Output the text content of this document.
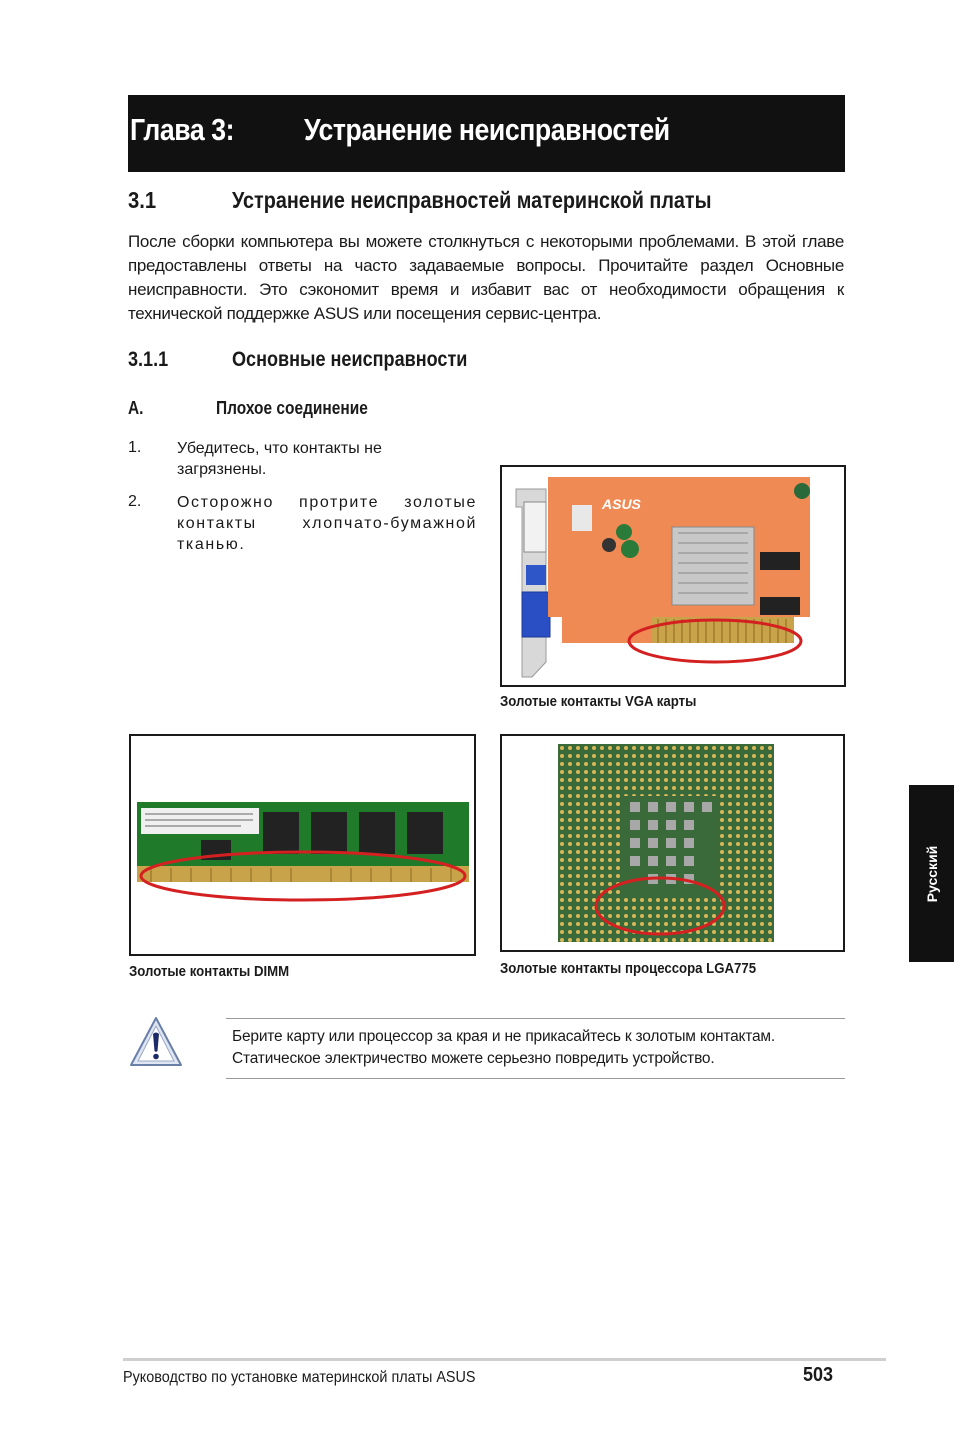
Глава 3: Устранение неисправностей
3.1	Устранение неисправностей материнской платы
После сборки компьютера вы можете столкнуться с некоторыми проблемами. В этой главе предоставлены ответы на часто задаваемые вопросы. Прочитайте раздел Основные неисправности. Это сэкономит время и избавит вас от необходимости обращения к технической поддержке ASUS или посещения сервис-центра.
3.1.1	Основные неисправности
A.	Плохое соединение
1. Убедитесь, что контакты не загрязнены.
2. Осторожно протрите золотые контакты хлопчато-бумажной тканью.
ASUS
Золотые контакты VGA карты
Золотые контакты DIMM	Золотые контакты процессора LGA775
Русский
Берите карту или процессор за края и не прикасайтесь к золотым контактам.
Статическое электричество можете серьезно повредить устройство.
Руководство по установке материнской платы ASUS	503
